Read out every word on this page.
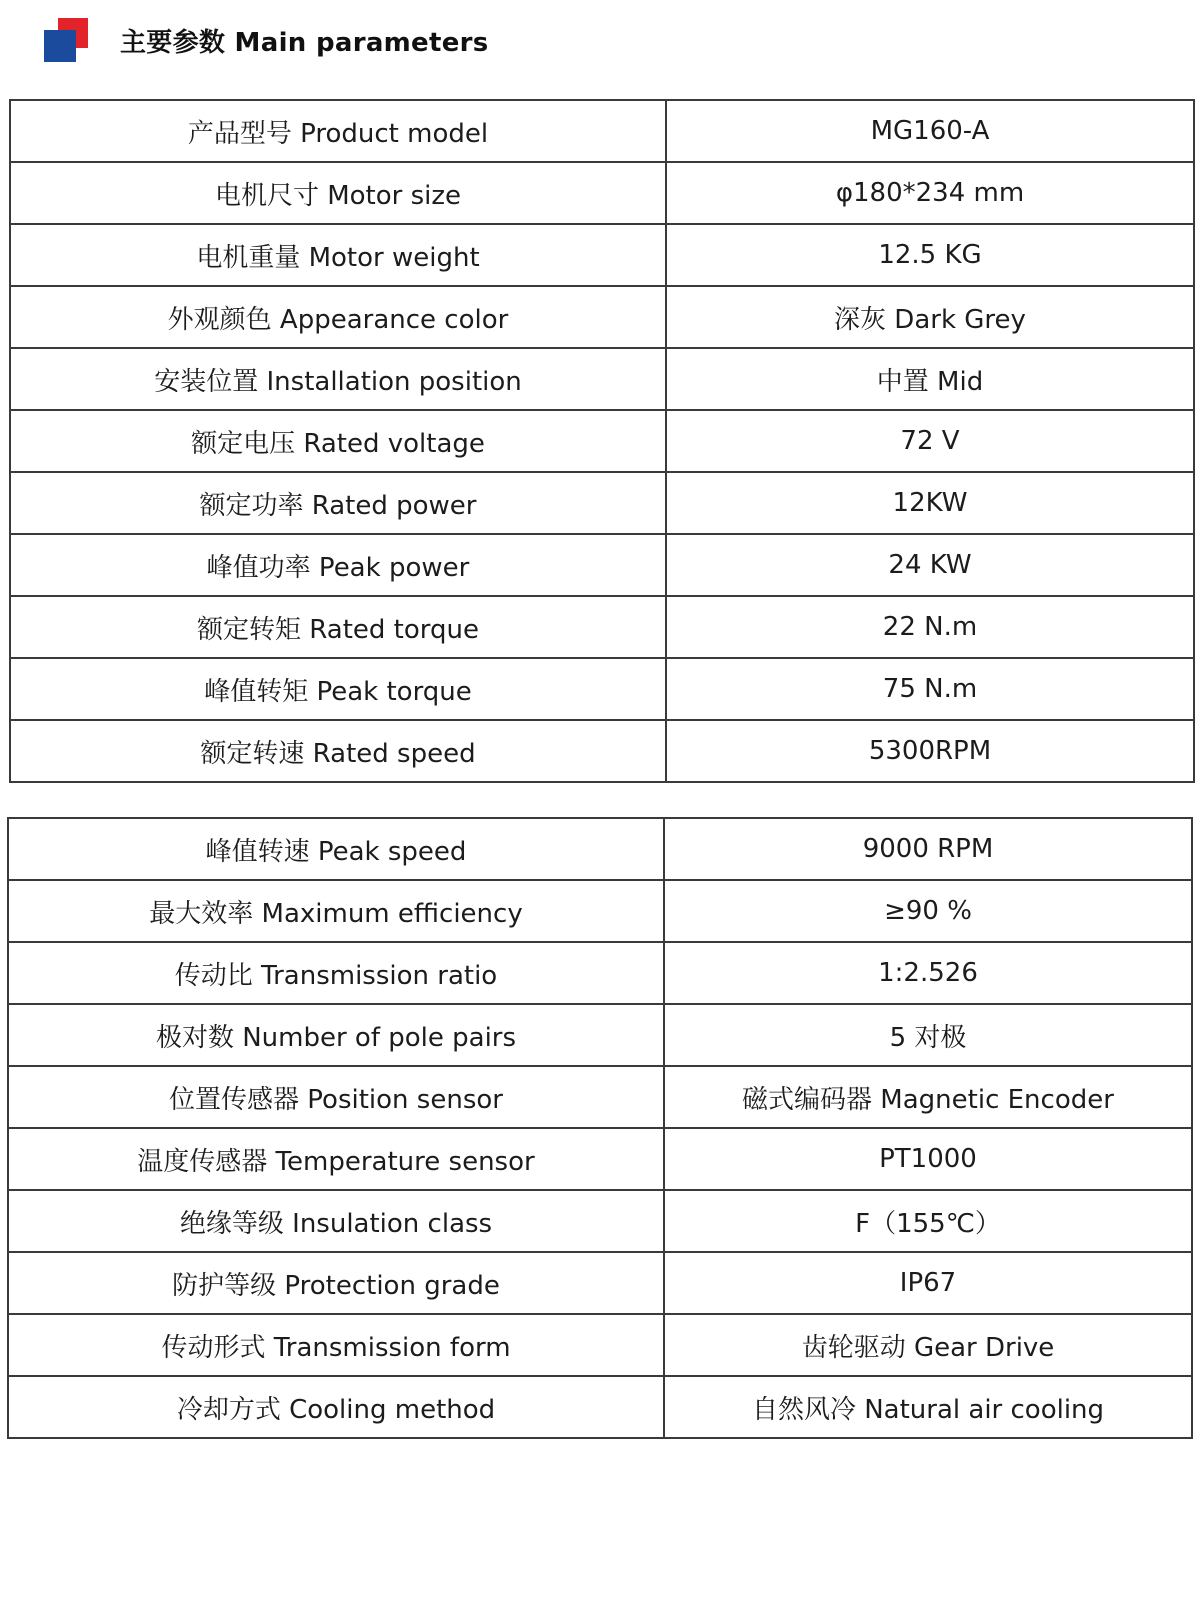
主要参数 Main parameters
产品型号 Product model	MG160-A
电机尺寸 Motor size	φ180*234 mm
电机重量 Motor weight	12.5 KG
外观颜色 Appearance color	深灰 Dark Grey
安装位置 Installation position	中置 Mid
额定电压 Rated voltage	72 V
额定功率 Rated power	12KW
峰值功率 Peak power	24 KW
额定转矩 Rated torque	22 N.m
峰值转矩 Peak torque	75 N.m
额定转速 Rated speed	5300RPM
峰值转速 Peak speed	9000 RPM
最大效率 Maximum efficiency	≥90 %
传动比 Transmission ratio	1:2.526
极对数 Number of pole pairs	5 对极
位置传感器 Position sensor	磁式编码器 Magnetic Encoder
温度传感器 Temperature sensor	PT1000
绝缘等级 Insulation class	F（155℃）
防护等级 Protection grade	IP67
传动形式 Transmission form	齿轮驱动 Gear Drive
冷却方式 Cooling method	自然风冷 Natural air cooling
